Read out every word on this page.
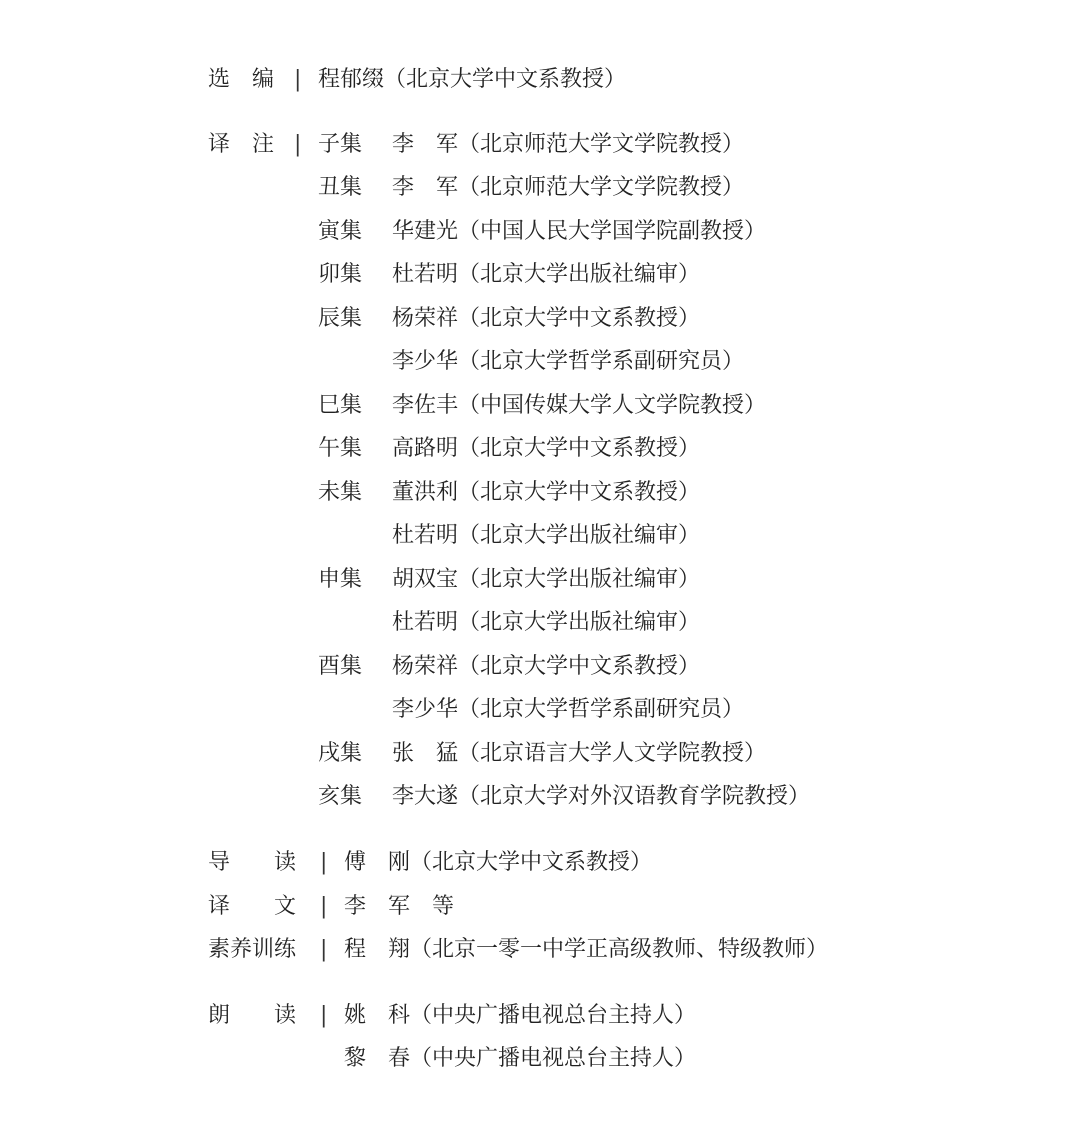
选　编 | 程郁缀（北京大学中文系教授）
译　注 | 子集 李　军（北京师范大学文学院教授）
丑集 李　军（北京师范大学文学院教授）
寅集 华建光（中国人民大学国学院副教授）
卯集 杜若明（北京大学出版社编审）
辰集 杨荣祥（北京大学中文系教授）
李少华（北京大学哲学系副研究员）
巳集 李佐丰（中国传媒大学人文学院教授）
午集 高路明（北京大学中文系教授）
未集 董洪利（北京大学中文系教授）
杜若明（北京大学出版社编审）
申集 胡双宝（北京大学出版社编审）
杜若明（北京大学出版社编审）
酉集 杨荣祥（北京大学中文系教授）
李少华（北京大学哲学系副研究员）
戌集 张　猛（北京语言大学人文学院教授）
亥集 李大遂（北京大学对外汉语教育学院教授）
导　　读 | 傅　刚（北京大学中文系教授）
译　　文 | 李　军　等
素养训练 | 程　翔（北京一零一中学正高级教师、特级教师）
朗　　读 | 姚　科（中央广播电视总台主持人）
黎　春（中央广播电视总台主持人）
